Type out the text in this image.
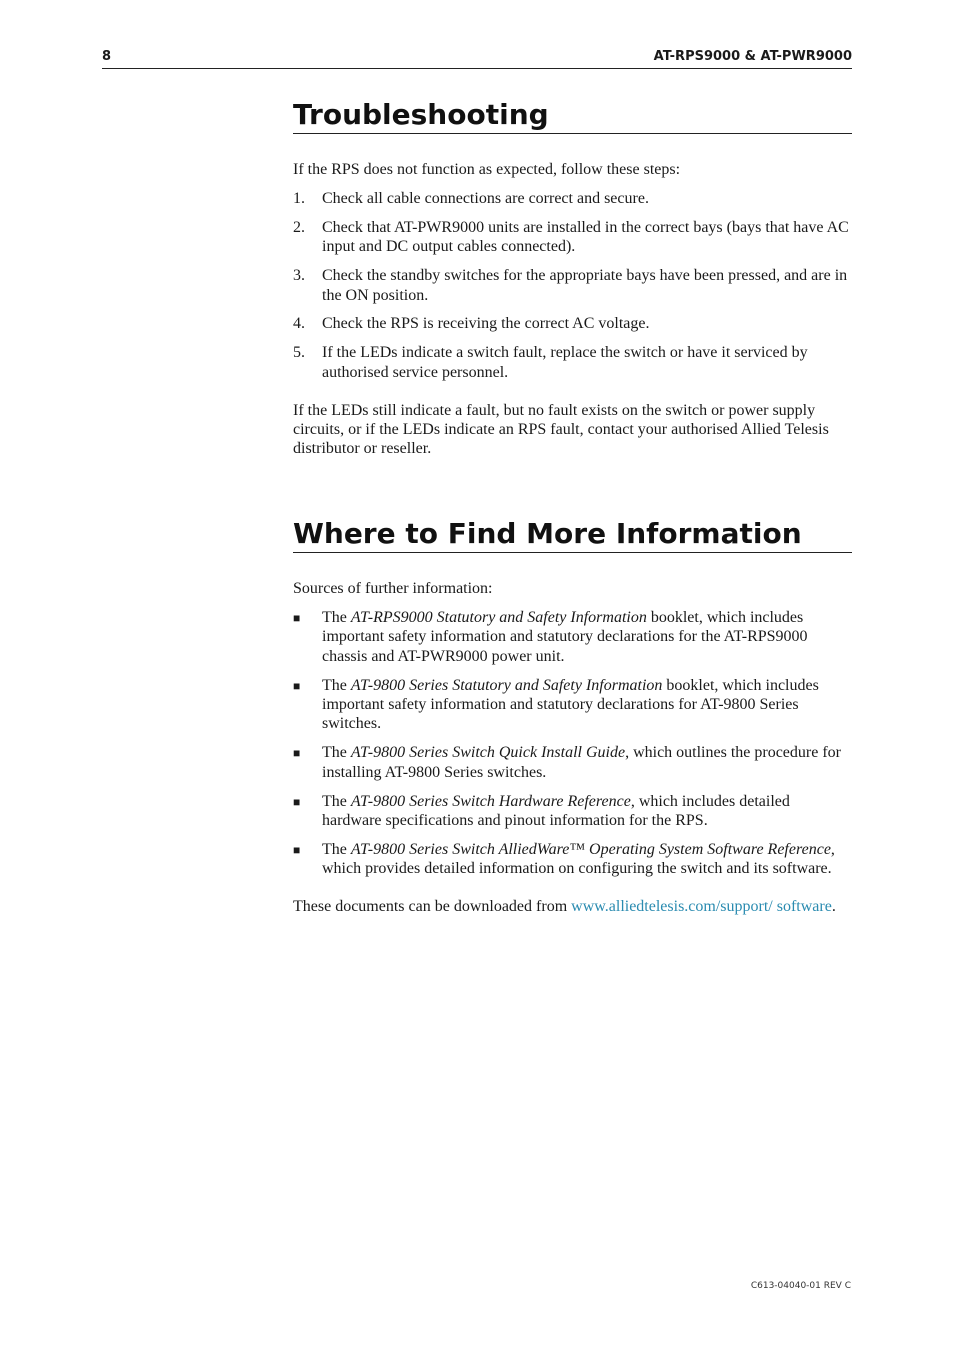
8	AT-RPS9000 & AT-PWR9000
Troubleshooting

If the RPS does not function as expected, follow these steps:

1. Check all cable connections are correct and secure.
2. Check that AT-PWR9000 units are installed in the correct bays (bays that have AC input and DC output cables connected).
3. Check the standby switches for the appropriate bays have been pressed, and are in the ON position.
4. Check the RPS is receiving the correct AC voltage.
5. If the LEDs indicate a switch fault, replace the switch or have it serviced by authorised service personnel.

If the LEDs still indicate a fault, but no fault exists on the switch or power supply circuits, or if the LEDs indicate an RPS fault, contact your authorised Allied Telesis distributor or reseller.

Where to Find More Information

Sources of further information:

■ The AT-RPS9000 Statutory and Safety Information booklet, which includes important safety information and statutory declarations for the AT-RPS9000 chassis and AT-PWR9000 power unit.
■ The AT-9800 Series Statutory and Safety Information booklet, which includes important safety information and statutory declarations for AT-9800 Series switches.
■ The AT-9800 Series Switch Quick Install Guide, which outlines the procedure for installing AT-9800 Series switches.
■ The AT-9800 Series Switch Hardware Reference, which includes detailed hardware specifications and pinout information for the RPS.
■ The AT-9800 Series Switch AlliedWare™ Operating System Software Reference, which provides detailed information on configuring the switch and its software.

These documents can be downloaded from www.alliedtelesis.com/support/ software.

C613-04040-01 REV C
